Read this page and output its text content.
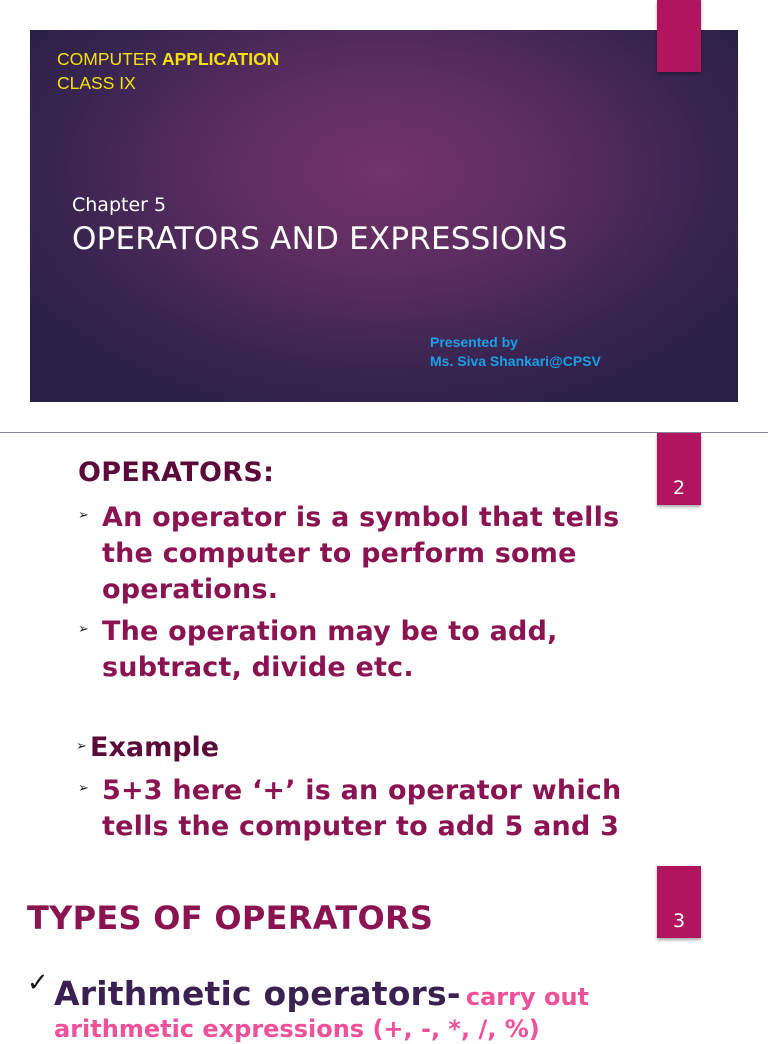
COMPUTER APPLICATION
CLASS IX
Chapter 5
OPERATORS AND EXPRESSIONS
Presented by
Ms. Siva Shankari@CPSV
2
OPERATORS:
➢ An operator is a symbol that tells the computer to perform some operations.
➢ The operation may be to add, subtract, divide etc.
➢ Example
➢ 5+3 here ‘+’ is an operator which tells the computer to add 5 and 3
3
TYPES OF OPERATORS
✓ Arithmetic operators- carry out
arithmetic expressions (+, -, *, /, %)
